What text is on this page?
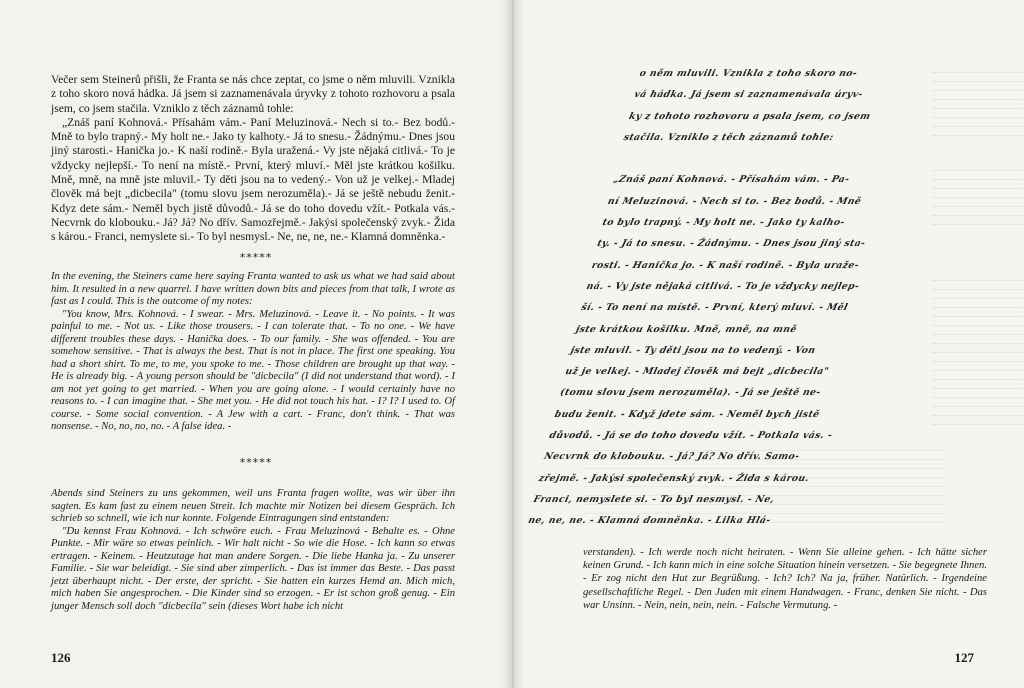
Večer sem Steinerů přišli, že Franta se nás chce zeptat, co jsme o něm mluvili. Vznikla z toho skoro nová hádka. Já jsem si zaznamenávala úryvky z tohoto rozhovoru a psala jsem, co jsem stačila. Vzniklo z těch záznamů tohle:

„Znáš paní Kohnová.- Přísahám vám.- Paní Meluzinová.- Nech si to.- Bez bodů.- Mně to bylo trapný.- My holt ne.- Jako ty kalhoty.- Já to snesu.- Žádnýmu.- Dnes jsou jiný starosti.- Hanička jo.- K naší rodině.- Byla uražená.- Vy jste nějaká citlivá.- To je vždycky nejlepší.- To není na místě.- První, který mluví.- Měl jste krátkou košilku. Mně, mně, na mně jste mluvil.- Ty děti jsou na to vedený.- Von už je velkej.- Mladej člověk má bejt „dicbecila" (tomu slovu jsem nerozuměla).- Já se ještě nebudu ženit.- Kdyz dete sám.- Neměl bych jistě důvodů.- Já se do toho dovedu vžít.- Potkala vás.- Necvrnk do klobouku.- Já? Já? No dřív. Samozřejmě.- Jakýsi společenský zvyk.- Žida s károu.- Franci, nemyslete si.- To byl nesmysl.- Ne, ne, ne, ne.- Klamná domněnka.-

*****

In the evening, the Steiners came here saying Franta wanted to ask us what we had said about him. It resulted in a new quarrel. I have written down bits and pieces from that talk, I wrote as fast as I could. This is the outcome of my notes:

"You know, Mrs. Kohnová. - I swear. - Mrs. Meluzinová. - Leave it. - No points. - It was painful to me. - Not us. - Like those trousers. - I can tolerate that. - To no one. - We have different troubles these days. - Hanička does. - To our family. - She was offended. - You are somehow sensitive. - That is always the best. That is not in place. The first one speaking. You had a short shirt. To me, to me, you spoke to me. - Those children are brought up that way. - He is already big. - A young person should be "dicbecila" (I did not understand that word). - I am not yet going to get married. - When you are going alone. - I would certainly have no reasons to. - I can imagine that. - She met you. - He did not touch his hat. - I? I? I used to. Of course. - Some social convention. - A Jew with a cart. - Franc, don't think. - That was nonsense. - No, no, no, no. - A false idea. -

*****

Abends sind Steiners zu uns gekommen, weil uns Franta fragen wollte, was wir über ihn sagten. Es kam fast zu einem neuen Streit. Ich machte mir Notizen bei diesem Gespräch. Ich schrieb so schnell, wie ich nur konnte. Folgende Eintragungen sind entstanden:

"Du kennst Frau Kohnová. - Ich schwöre euch. - Frau Meluzinová - Behalte es. - Ohne Punkte. - Mir wäre so etwas peinlich. - Wir halt nicht - So wie die Hose. - Ich kann so etwas ertragen. - Keinem. - Heutzutage hat man andere Sorgen. - Die liebe Hanka ja. - Zu unserer Familie. - Sie war beleidigt. - Sie sind aber zimperlich. - Das ist immer das Beste. - Das passt jetzt überhaupt nicht. - Der erste, der spricht. - Sie hatten ein kurzes Hemd an. Mich mich, mich haben Sie angesprochen. - Die Kinder sind so erzogen. - Er ist schon groß genug. - Ein junger Mensch soll doch "dicbecila" sein (dieses Wort habe ich nicht

126
o něm mluvili. Vznikla z toho skoro no-
vá hádka. Já jsem si zaznamenávala úryv-
ky z tohoto rozhovoru a psala jsem, co jsem
stačila. Vzniklo z těch záznamů tohle:

„Znáš paní Kohnová. - Přísahám vám. - Pa-
ní Meluzinová. - Nech si to. - Bez bodů. - Mně
to bylo trapný. - My holt ne. - Jako ty kalho-
ty. - Já to snesu. - Žádnýmu. - Dnes jsou jiný sta-
rosti. - Hanička jo. - K naší rodině. - Byla uraže-
ná. - Vy jste nějaká citlivá. - To je vždycky nejlep-
ší. - To není na místě. - První, který mluví. - Měl
jste krátkou košilku. Mně, mně, na mně
jste mluvil. - Ty děti jsou na to vedený. - Von
už je velkej. - Mladej člověk má bejt „dicbecila"
(tomu slovu jsem nerozuměla). - Já se ještě ne-
budu ženit. - Když jdete sám. - Neměl bych jistě
důvodů. - Já se do toho dovedu vžít. - Potkala vás. -
Necvrnk do klobouku. - Já? Já? No dřív. Samo-
zřejmě. - Jakýsi společenský zvyk. - Žida s károu.
Franci, nemyslete si. - To byl nesmysl. - Ne,
ne, ne, ne. - Klamná domněnka. - Lilka Hlá-

verstanden). - Ich werde noch nicht heiraten. - Wenn Sie alleine gehen. - Ich hätte sicher keinen Grund. - Ich kann mich in eine solche Situation hinein versetzen. - Sie begegnete Ihnen. - Er zog nicht den Hut zur Begrüßung. - Ich? Ich? Na ja, früher. Natürlich. - Irgendeine gesellschaftliche Regel. - Den Juden mit einem Handwagen. - Franc, denken Sie nicht. - Das war Unsinn. - Nein, nein, nein, nein. - Falsche Vermutung. -

127
